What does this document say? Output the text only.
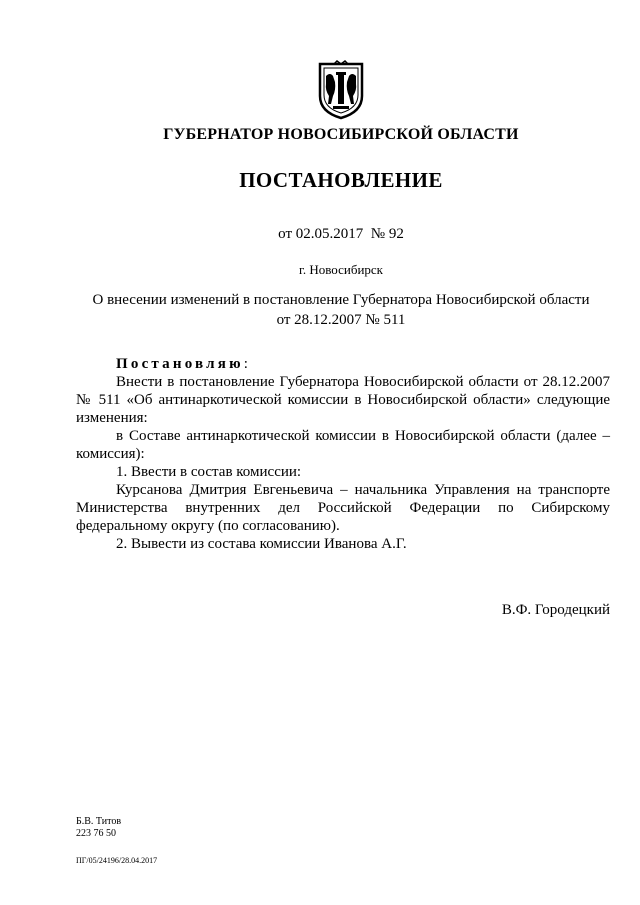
ГУБЕРНАТОР НОВОСИБИРСКОЙ ОБЛАСТИ
ПОСТАНОВЛЕНИЕ
от 02.05.2017  № 92
г. Новосибирск
О внесении изменений в постановление Губернатора Новосибирской области
от 28.12.2007 № 511

Постановляю:

Внести в постановление Губернатора Новосибирской области от 28.12.2007 № 511 «Об антинаркотической комиссии в Новосибирской области» следующие изменения:

в Составе антинаркотической комиссии в Новосибирской области (далее – комиссия):

1. Ввести в состав комиссии:

Курсанова Дмитрия Евгеньевича – начальника Управления на транспорте Министерства внутренних дел Российской Федерации по Сибирскому федеральному округу (по согласованию).

2. Вывести из состава комиссии Иванова А.Г.

В.Ф. Городецкий
Б.В. Титов
223 76 50
ПГ/05/24196/28.04.2017
